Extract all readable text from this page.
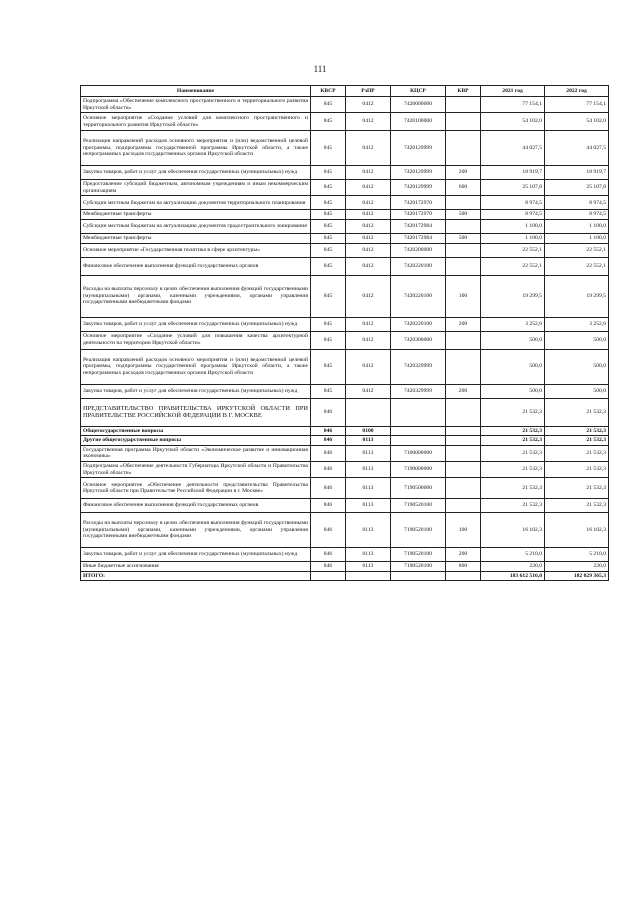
111
Наименование	КВСР	РзПР	КЦСР	КВР	2021 год	2022 год
Подпрограмма «Обеспечение комплексного пространственного и территориального развития Иркутской области»	845	0412	7420000000		77 154,1	77 154,1
Основное мероприятие «Создание условий для комплексного пространственного и территориального развития Иркутской области»	845	0412	7420100000		54 102,0	54 102,0
Реализация направлений расходов основного мероприятия и (или) ведомственной целевой программы, подпрограммы государственной программы Иркутской области, а также непрограммных расходов государственных органов Иркутской области	845	0412	7420129999		44 027,5	44 027,5
Закупка товаров, работ и услуг для обеспечения государственных (муниципальных) нужд	845	0412	7420129999	200	18 919,7	18 919,7
Предоставление субсидий бюджетным, автономным учреждениям и иным некоммерческим организациям	845	0412	7420129999	600	25 107,8	25 107,8
Субсидии местным бюджетам на актуализацию документов территориального планирования	845	0412	7420172970		8 974,5	8 974,5
Межбюджетные трансферты	845	0412	7420172970	500	8 974,5	8 974,5
Субсидии местным бюджетам на актуализацию документов градостроительного зонирования	845	0412	7420172984		1 100,0	1 100,0
Межбюджетные трансферты	845	0412	7420172984	500	1 100,0	1 100,0
Основное мероприятие «Государственная политика в сфере архитектуры»	845	0412	7420200000		22 552,1	22 552,1
Финансовое обеспечение выполнения функций государственных органов	845	0412	7420220100		22 552,1	22 552,1
Расходы на выплаты персоналу в целях обеспечения выполнения функций государственными (муниципальными) органами, казенными учреждениями, органами управления государственными внебюджетными фондами	845	0412	7420220100	100	19 299,5	19 299,5
Закупка товаров, работ и услуг для обеспечения государственных (муниципальных) нужд	845	0412	7420220100	200	3 252,6	3 252,6
Основное мероприятие «Создание условий для повышения качества архитектурной деятельности на территории Иркутской области»	845	0412	7420300000		500,0	500,0
Реализация направлений расходов основного мероприятия и (или) ведомственной целевой программы, подпрограммы государственной программы Иркутской области, а также непрограммных расходов государственных органов Иркутской области	845	0412	7420329999		500,0	500,0
Закупка товаров, работ и услуг для обеспечения государственных (муниципальных) нужд	845	0412	7420329999	200	500,0	500,0
ПРЕДСТАВИТЕЛЬСТВО ПРАВИТЕЛЬСТВА ИРКУТСКОЙ ОБЛАСТИ ПРИ ПРАВИТЕЛЬСТВЕ РОССИЙСКОЙ ФЕДЕРАЦИИ В Г. МОСКВЕ	846				21 532,3	21 532,3
Общегосударственные вопросы	846	0100			21 532,3	21 532,3
Другие общегосударственные вопросы	846	0113			21 532,3	21 532,3
Государственная программа Иркутской области «Экономическое развитие и инновационная экономика»	846	0113	7100000000		21 532,3	21 532,3
Подпрограмма «Обеспечение деятельности Губернатора Иркутской области и Правительства Иркутской области»	846	0113	7190000000		21 532,3	21 532,3
Основное мероприятие «Обеспечение деятельности представительства Правительства Иркутской области при Правительстве Российской Федерации в г. Москве»	846	0113	7190500000		21 532,3	21 532,3
Финансовое обеспечение выполнения функций государственных органов	846	0113	7190520100		21 532,3	21 532,3
Расходы на выплаты персоналу в целях обеспечения выполнения функций государственными (муниципальными) органами, казенными учреждениями, органами управления государственными внебюджетными фондами	846	0113	7190520100	100	16 102,3	16 102,3
Закупка товаров, работ и услуг для обеспечения государственных (муниципальных) нужд	846	0113	7190520100	200	5 210,0	5 210,0
Иные бюджетные ассигнования	846	0113	7190520100	800	220,0	220,0
ИТОГО:					183 612 516,0	182 029 365,3
